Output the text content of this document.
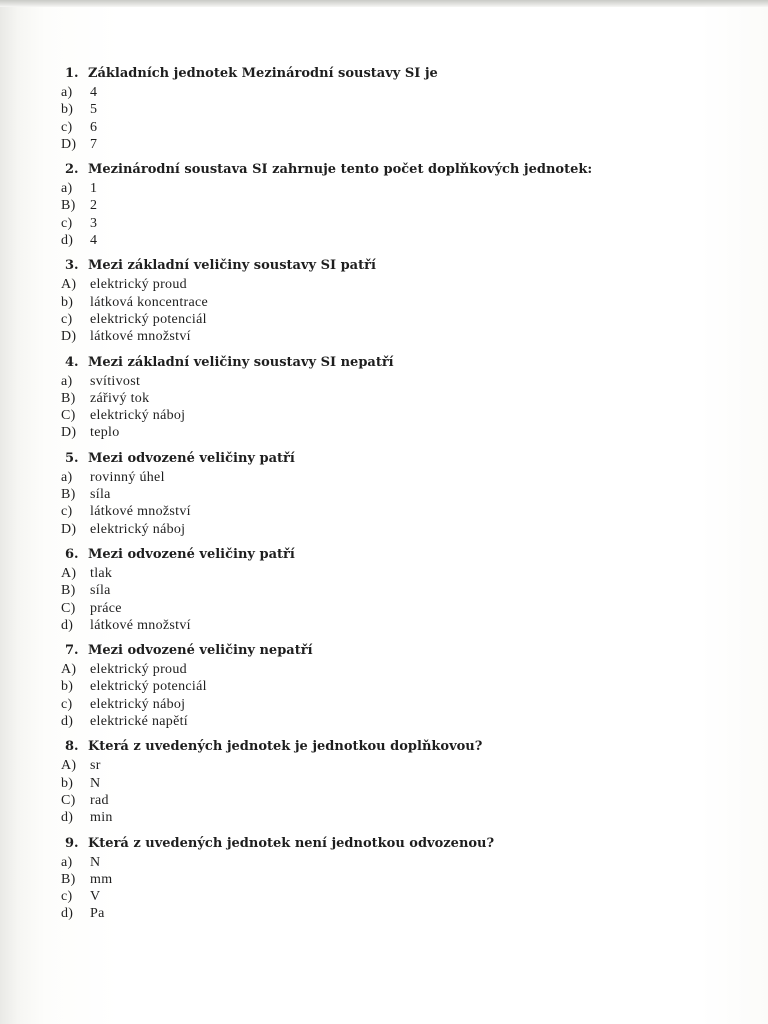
1. Základních jednotek Mezinárodní soustavy SI je
a)	4
b)	5
c)	6
D) 7
2. Mezinárodní soustava SI zahrnuje tento počet doplňkových jednotek:
a)	1
B)	2
c)	3
d)	4
3. Mezi základní veličiny soustavy SI patří
A) elektrický proud
b)	látková koncentrace
c)	elektrický potenciál
D) látkové množství
4. Mezi základní veličiny soustavy SI nepatří
a)	svítivost
B)	zářivý tok
C)	elektrický náboj
D) teplo
5. Mezi odvozené veličiny patří
a)	rovinný úhel
B)	síla
c)	látkové množství
D) elektrický náboj
6. Mezi odvozené veličiny patří
A) tlak
B)	síla
C)	práce
d)	látkové množství
7. Mezi odvozené veličiny nepatří
A) elektrický proud
b)	elektrický potenciál
c)	elektrický náboj
d)	elektrické napětí
8. Která z uvedených jednotek je jednotkou doplňkovou?
A) sr
b)	N
C)	rad
d)	min
9. Která z uvedených jednotek není jednotkou odvozenou?
a)	N
B)	mm
c)	V
d)	Pa
